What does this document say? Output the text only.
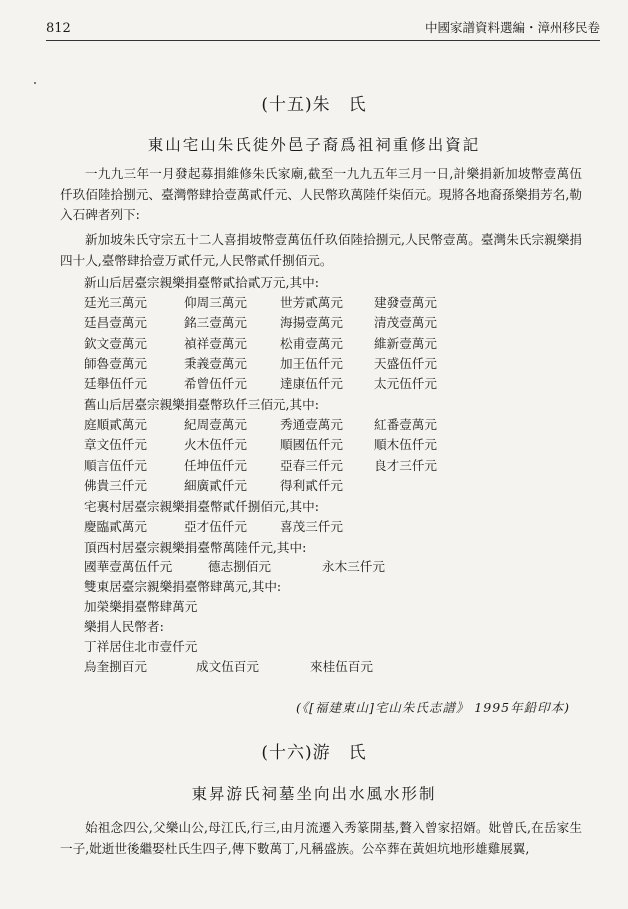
812	中國家譜資料選編・漳州移民卷
(十五)朱　氏
東山宅山朱氏徙外邑子裔爲祖祠重修出資記
一九九三年一月發起募捐維修朱氏家廟,截至一九九五年三月一日,計樂捐新加坡幣壹萬伍仟玖佰陸拾捌元、臺灣幣肆拾壹萬貳仟元、人民幣玖萬陸仟柒佰元。現將各地裔孫樂捐芳名,勒入石碑者列下:
新加坡朱氏守宗五十二人喜捐坡幣壹萬伍仟玖佰陸拾捌元,人民幣壹萬。臺灣朱氏宗親樂捐四十人,臺幣肆拾壹万貳仟元,人民幣貳仟捌佰元。
新山后居臺宗親樂捐臺幣貳拾貳万元,其中:
廷光三萬元	仰周三萬元	世芳貳萬元 建發壹萬元
廷昌壹萬元	銘三壹萬元	海揚壹萬元 清茂壹萬元
欽文壹萬元	禎祥壹萬元	松甫壹萬元 維新壹萬元
師魯壹萬元	秉義壹萬元	加王伍仟元 天盛伍仟元
廷舉伍仟元	希曾伍仟元	達康伍仟元 太元伍仟元
舊山后居臺宗親樂捐臺幣玖仟三佰元,其中:
庭順貳萬元	紀周壹萬元	秀通壹萬元 紅番壹萬元
章文伍仟元	火木伍仟元	順國伍仟元 順木伍仟元
順言伍仟元	任坤伍仟元	亞春三仟元 良才三仟元
佛貴三仟元	細廣貳仟元	得利貳仟元
宅裏村居臺宗親樂捐臺幣貳仟捌佰元,其中:
慶臨貳萬元	亞才伍仟元	喜茂三仟元
頂西村居臺宗親樂捐臺幣萬陸仟元,其中:
國華壹萬伍仟元	德志捌佰元	永木三仟元
雙東居臺宗親樂捐臺幣肆萬元,其中:
加榮樂捐臺幣肆萬元
樂捐人民幣者:
丁祥居住北市壹仟元
烏奎捌百元	成文伍百元	來桂伍百元
(《[福建東山]宅山朱氏志譜》 1995年鉛印本)
(十六)游　氏
東昇游氏祠墓坐向出水風水形制
始祖念四公,父樂山公,母江氏,行三,由月流遷入秀篆開基,贅入曾家招婿。妣曾氏,在岳家生一子,妣逝世後繼娶杜氏生四子,傳下數萬丁,凡稱盛族。公卒葬在黃妲坑地形雄雞展翼,
